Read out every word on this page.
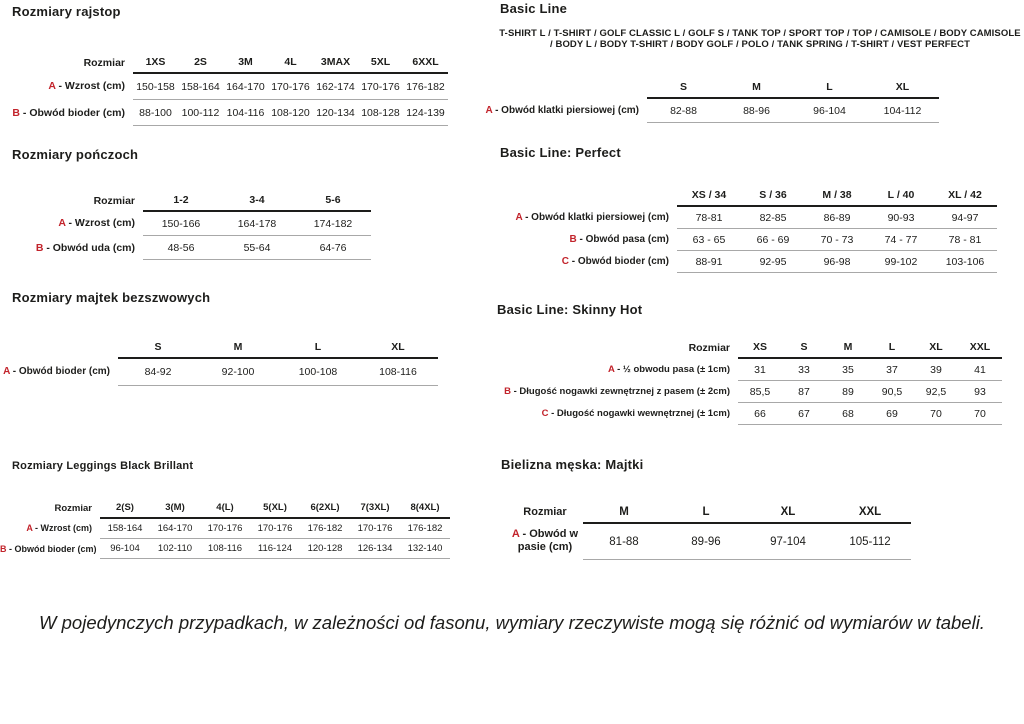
Rozmiary rajstop
Rozmiar	1XS	2S	3M	4L	3MAX	5XL	6XXL
A - Wzrost (cm)	150-158	158-164	164-170	170-176	162-174	170-176	176-182
B - Obwód bioder (cm)	88-100	100-112	104-116	108-120	120-134	108-128	124-139
Rozmiary pończoch
Rozmiar	1-2	3-4	5-6
A - Wzrost (cm)	150-166	164-178	174-182
B - Obwód uda (cm)	48-56	55-64	64-76
Rozmiary majtek bezszwowych
	S	M	L	XL
A - Obwód bioder (cm)	84-92	92-100	100-108	108-116
Rozmiary Leggings Black Brillant
Rozmiar	2(S)	3(M)	4(L)	5(XL)	6(2XL)	7(3XL)	8(4XL)
A - Wzrost (cm)	158-164	164-170	170-176	170-176	176-182	170-176	176-182
B - Obwód bioder (cm)	96-104	102-110	108-116	116-124	120-128	126-134	132-140
Basic Line

T-SHIRT L / T-SHIRT / GOLF CLASSIC L / GOLF S / TANK TOP / SPORT TOP / TOP / CAMISOLE / BODY CAMISOLE / BODY L / BODY T-SHIRT / BODY GOLF / POLO / TANK SPRING / T-SHIRT / VEST PERFECT

	S	M	L	XL
A - Obwód klatki piersiowej (cm)	82-88	88-96	96-104	104-112
Basic Line: Perfect
	XS / 34	S / 36	M / 38	L / 40	XL / 42
A - Obwód klatki piersiowej (cm)	78-81	82-85	86-89	90-93	94-97
B - Obwód pasa (cm)	63 - 65	66 - 69	70 - 73	74 - 77	78 - 81
C - Obwód bioder (cm)	88-91	92-95	96-98	99-102	103-106
Basic Line: Skinny Hot
Rozmiar	XS	S	M	L	XL	XXL
A - ½ obwodu pasa (± 1cm)	31	33	35	37	39	41
B - Długość nogawki zewnętrznej z pasem (± 2cm)	85,5	87	89	90,5	92,5	93
C - Długość nogawki wewnętrznej (± 1cm)	66	67	68	69	70	70
Bielizna męska: Majtki
Rozmiar	M	L	XL	XXL
A - Obwód w pasie (cm)	81-88	89-96	97-104	105-112

W pojedynczych przypadkach, w zależności od fasonu, wymiary rzeczywiste mogą się różnić od wymiarów w tabeli.
